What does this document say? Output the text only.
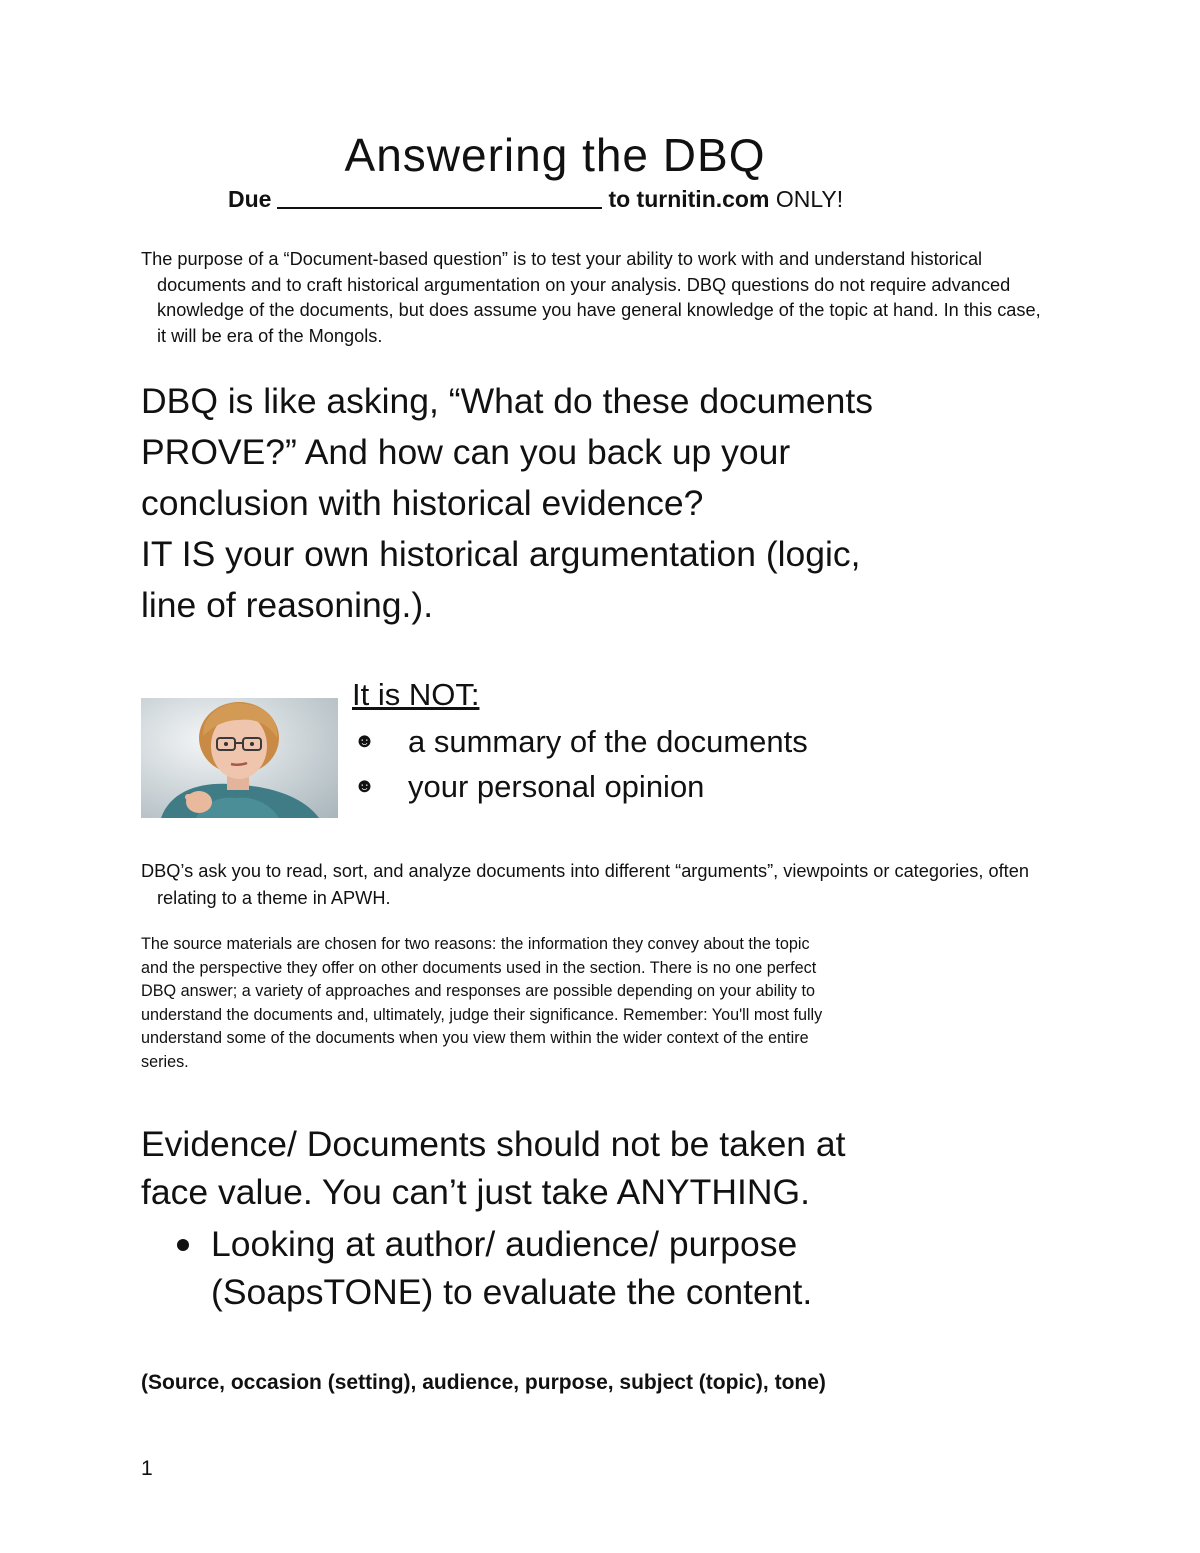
Answering the DBQ
Due	to turnitin.com ONLY!
The purpose of a “Document-based question” is to test your ability to work with and understand historical documents and to craft historical argumentation on your analysis. DBQ questions do not require advanced knowledge of the documents, but does assume you have general knowledge of the topic at hand. In this case, it will be era of the Mongols.
DBQ is like asking, “What do these documents
PROVE?” And how can you back up your
conclusion with historical evidence?
IT IS your own historical argumentation (logic,
line of reasoning.).
It is NOT:
☻ a summary of the documents
☻ your personal opinion
DBQ’s ask you to read, sort, and analyze documents into different “arguments”, viewpoints or categories, often relating to a theme in APWH.
The source materials are chosen for two reasons: the information they convey about the topic
and the perspective they offer on other documents used in the section. There is no one perfect
DBQ answer; a variety of approaches and responses are possible depending on your ability to
understand the documents and, ultimately, judge their significance. Remember: You'll most fully
understand some of the documents when you view them within the wider context of the entire
series.
Evidence/ Documents should not be taken at
face value. You can’t just take ANYTHING.
Looking at author/ audience/ purpose
(SoapsTONE) to evaluate the content.
(Source, occasion (setting), audience, purpose, subject (topic), tone)
1
